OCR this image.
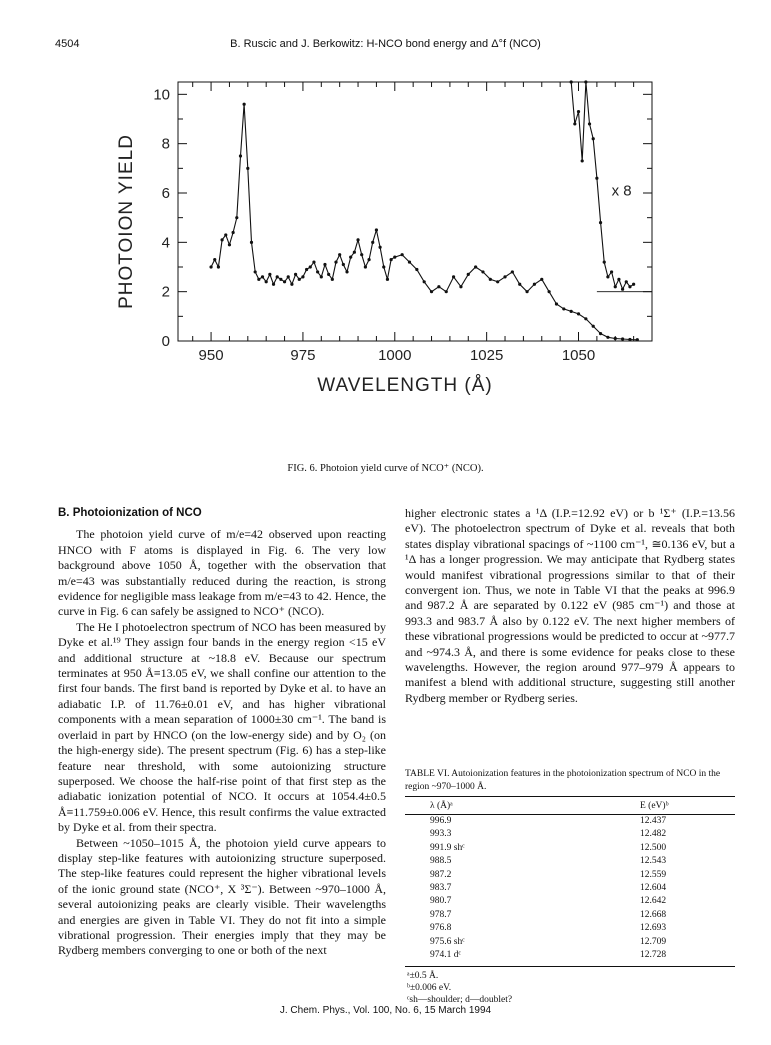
4504	B. Ruscic and J. Berkowitz: H-NCO bond energy and Δ°f (NCO)
950	975	1000	1025	1050
0
2
4
6
8
10
WAVELENGTH (Å)
PHOTOION YIELD	x 8
FIG. 6. Photoion yield curve of NCO⁺ (NCO).
B. Photoionization of NCO

The photoion yield curve of m/e=42 observed upon reacting HNCO with F atoms is displayed in Fig. 6. The very low background above 1050 Å, together with the observation that m/e=43 was substantially reduced during the reaction, is strong evidence for negligible mass leakage from m/e=43 to 42. Hence, the curve in Fig. 6 can safely be assigned to NCO⁺ (NCO).

The He I photoelectron spectrum of NCO has been measured by Dyke et al.¹⁹ They assign four bands in the energy region <15 eV and additional structure at ~18.8 eV. Because our spectrum terminates at 950 Å≡13.05 eV, we shall confine our attention to the first four bands. The first band is reported by Dyke et al. to have an adiabatic I.P. of 11.76±0.01 eV, and has higher vibrational components with a mean separation of 1000±30 cm⁻¹. The band is overlaid in part by HNCO (on the low-energy side) and by O₂ (on the high-energy side). The present spectrum (Fig. 6) has a step-like feature near threshold, with some autoionizing structure superposed. We choose the half-rise point of that first step as the adiabatic ionization potential of NCO. It occurs at 1054.4±0.5 Å≡11.759±0.006 eV. Hence, this result confirms the value extracted by Dyke et al. from their spectra.

Between ~1050–1015 Å, the photoion yield curve appears to display step-like features with autoionizing structure superposed. The step-like features could represent the higher vibrational levels of the ionic ground state (NCO⁺, X ³Σ⁻). Between ~970–1000 Å, several autoionizing peaks are clearly visible. Their wavelengths and energies are given in Table VI. They do not fit into a simple vibrational progression. Their energies imply that they may be Rydberg members converging to one or both of the next

higher electronic states a ¹Δ (I.P.=12.92 eV) or b ¹Σ⁺ (I.P.=13.56 eV). The photoelectron spectrum of Dyke et al. reveals that both states display vibrational spacings of ~1100 cm⁻¹, ≅0.136 eV, but a ¹Δ has a longer progression. We may anticipate that Rydberg states would manifest vibrational progressions similar to that of their convergent ion. Thus, we note in Table VI that the peaks at 996.9 and 987.2 Å are separated by 0.122 eV (985 cm⁻¹) and those at 993.3 and 983.7 Å also by 0.122 eV. The next higher members of these vibrational progressions would be predicted to occur at ~977.7 and ~974.3 Å, and there is some evidence for peaks close to these wavelengths. However, the region around 977–979 Å appears to manifest a blend with additional structure, suggesting still another Rydberg member or Rydberg series.

TABLE VI. Autoionization features in the photoionization spectrum of NCO in the region ~970–1000 Å.
λ (Å)ᵃ	E (eV)ᵇ
996.9	12.437
993.3	12.482
991.9 shᶜ	12.500
988.5	12.543
987.2	12.559
983.7	12.604
980.7	12.642
978.7	12.668
976.8	12.693
975.6 shᶜ	12.709
974.1 dᶜ	12.728
ᵃ±0.5 Å.
ᵇ±0.006 eV.
ᶜsh—shoulder; d—doublet?
J. Chem. Phys., Vol. 100, No. 6, 15 March 1994
